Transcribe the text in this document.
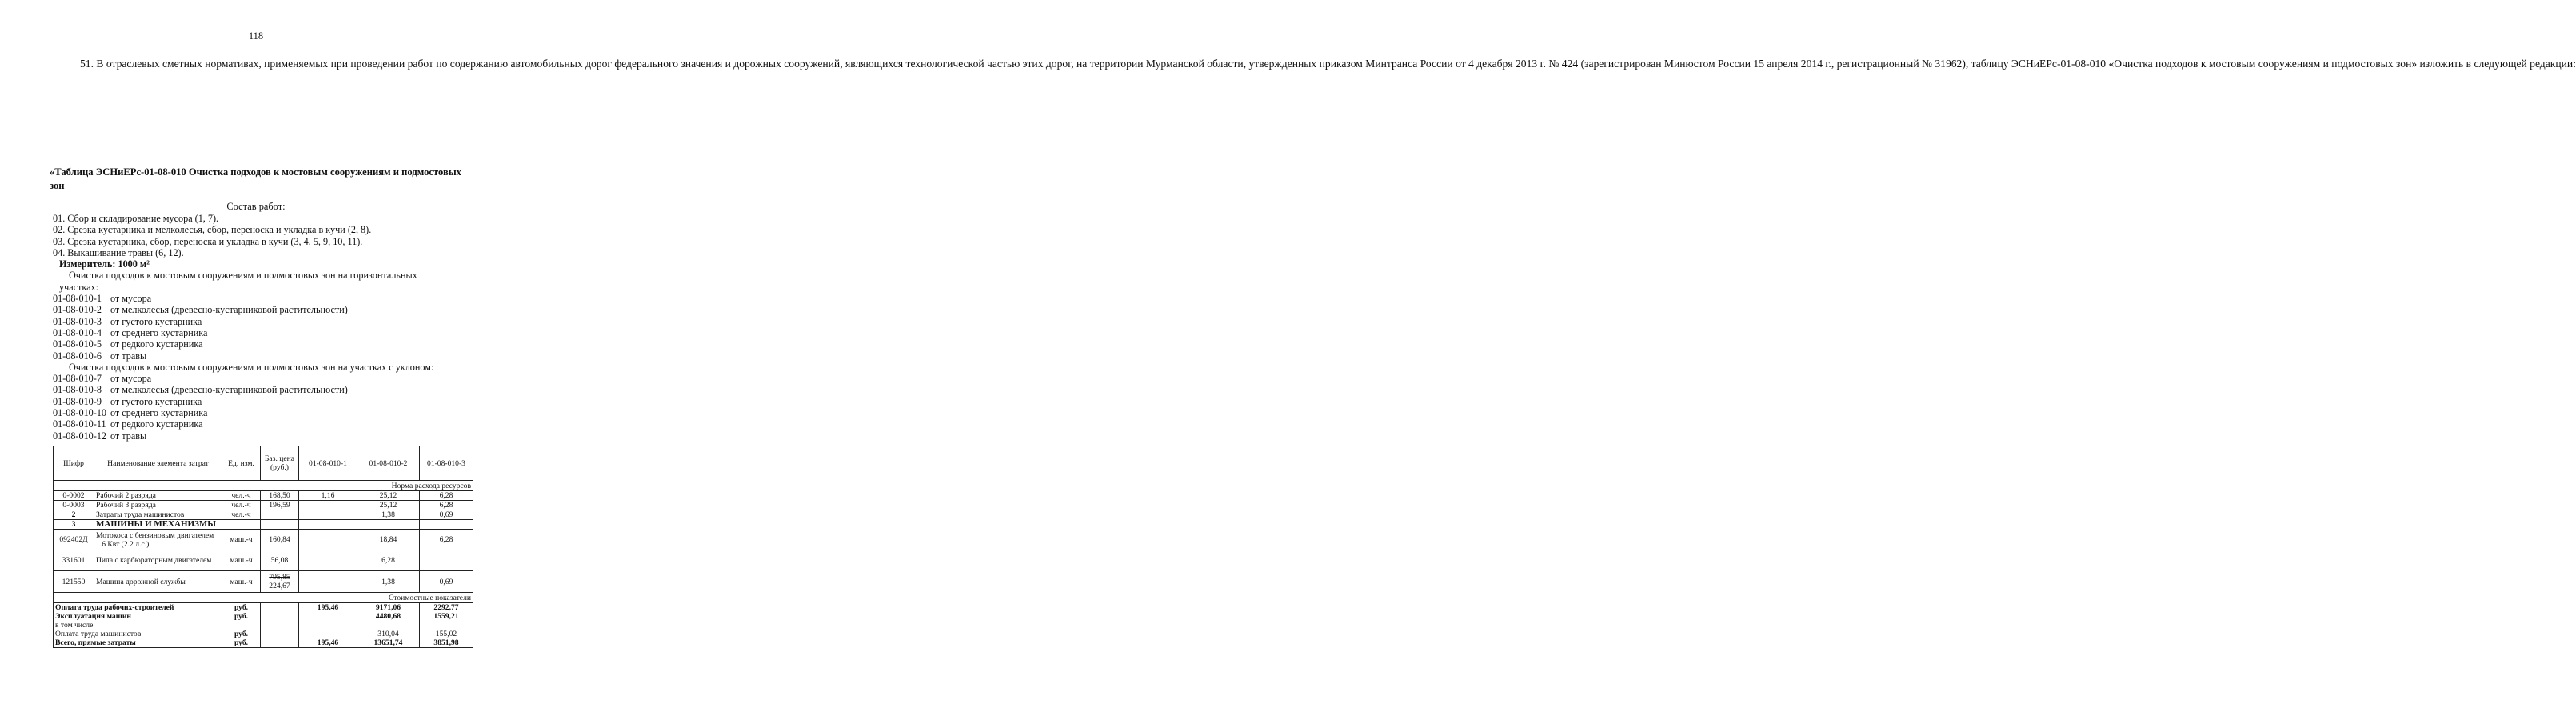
118

51. В отраслевых сметных нормативах, применяемых при проведении работ по содержанию автомобильных дорог федерального значения и дорожных сооружений, являющихся технологической частью этих дорог, на территории Мурманской области, утвержденных приказом Минтранса России от 4 декабря 2013 г. № 424 (зарегистрирован Минюстом России 15 апреля 2014 г., регистрационный № 31962), таблицу ЭСНиЕРс-01-08-010 «Очистка подходов к мостовым сооружениям и подмостовых зон» изложить в следующей редакции:

«Таблица ЭСНиЕРс-01-08-010 Очистка подходов к мостовым сооружениям и подмостовых зон
Состав работ:
01. Сбор и складирование мусора (1, 7).
02. Срезка кустарника и мелколесья, сбор, переноска и укладка в кучи (2, 8).
03. Срезка кустарника, сбор, переноска и укладка в кучи (3, 4, 5, 9, 10, 11).
04. Выкашивание травы (6, 12).
Измеритель: 1000 м²
Очистка подходов к мостовым сооружениям и подмостовых зон на горизонтальных
участках:
01-08-010-1 от мусора
01-08-010-2 от мелколесья (древесно-кустарниковой растительности)
01-08-010-3 от густого кустарника
01-08-010-4 от среднего кустарника
01-08-010-5 от редкого кустарника
01-08-010-6 от травы
Очистка подходов к мостовым сооружениям и подмостовых зон на участках с уклоном:
01-08-010-7 от мусора
01-08-010-8 от мелколесья (древесно-кустарниковой растительности)
01-08-010-9 от густого кустарника
01-08-010-10 от среднего кустарника
01-08-010-11 от редкого кустарника
01-08-010-12 от травы
Шифр	Наименование элемента затрат	Ед. изм.	Баз. цена (руб.)	01-08-010-1	01-08-010-2	01-08-010-3
Норма расхода ресурсов						
0-0002	Рабочий 2 разряда	чел.-ч	168,50	1,16	25,12	6,28
0-0003	Рабочий 3 разряда	чел.-ч	196,59		25,12	6,28
2	Затраты труда машинистов	чел.-ч			1,38	0,69
3	МАШИНЫ И МЕХАНИЗМЫ					
092402Д	Мотокоса с бензиновым двигателем 1.6 Квт (2.2 л.с.)	маш.-ч	160,84		18,84	6,28
331601	Пила с карбюраторным двигателем	маш.-ч	56,08		6,28	
121550	Машина дорожной службы	маш.-ч	795,85
224,67		1,38	0,69
Стоимостные показатели						
Оплата труда рабочих-строителей		руб.		195,46	9171,06	2292,77
Эксплуатация машин		руб.			4480,68	1559,21
в том числе						
Оплата труда машинистов		руб.			310,04	155,02
Всего, прямые затраты		руб.		195,46	13651,74	3851,98
